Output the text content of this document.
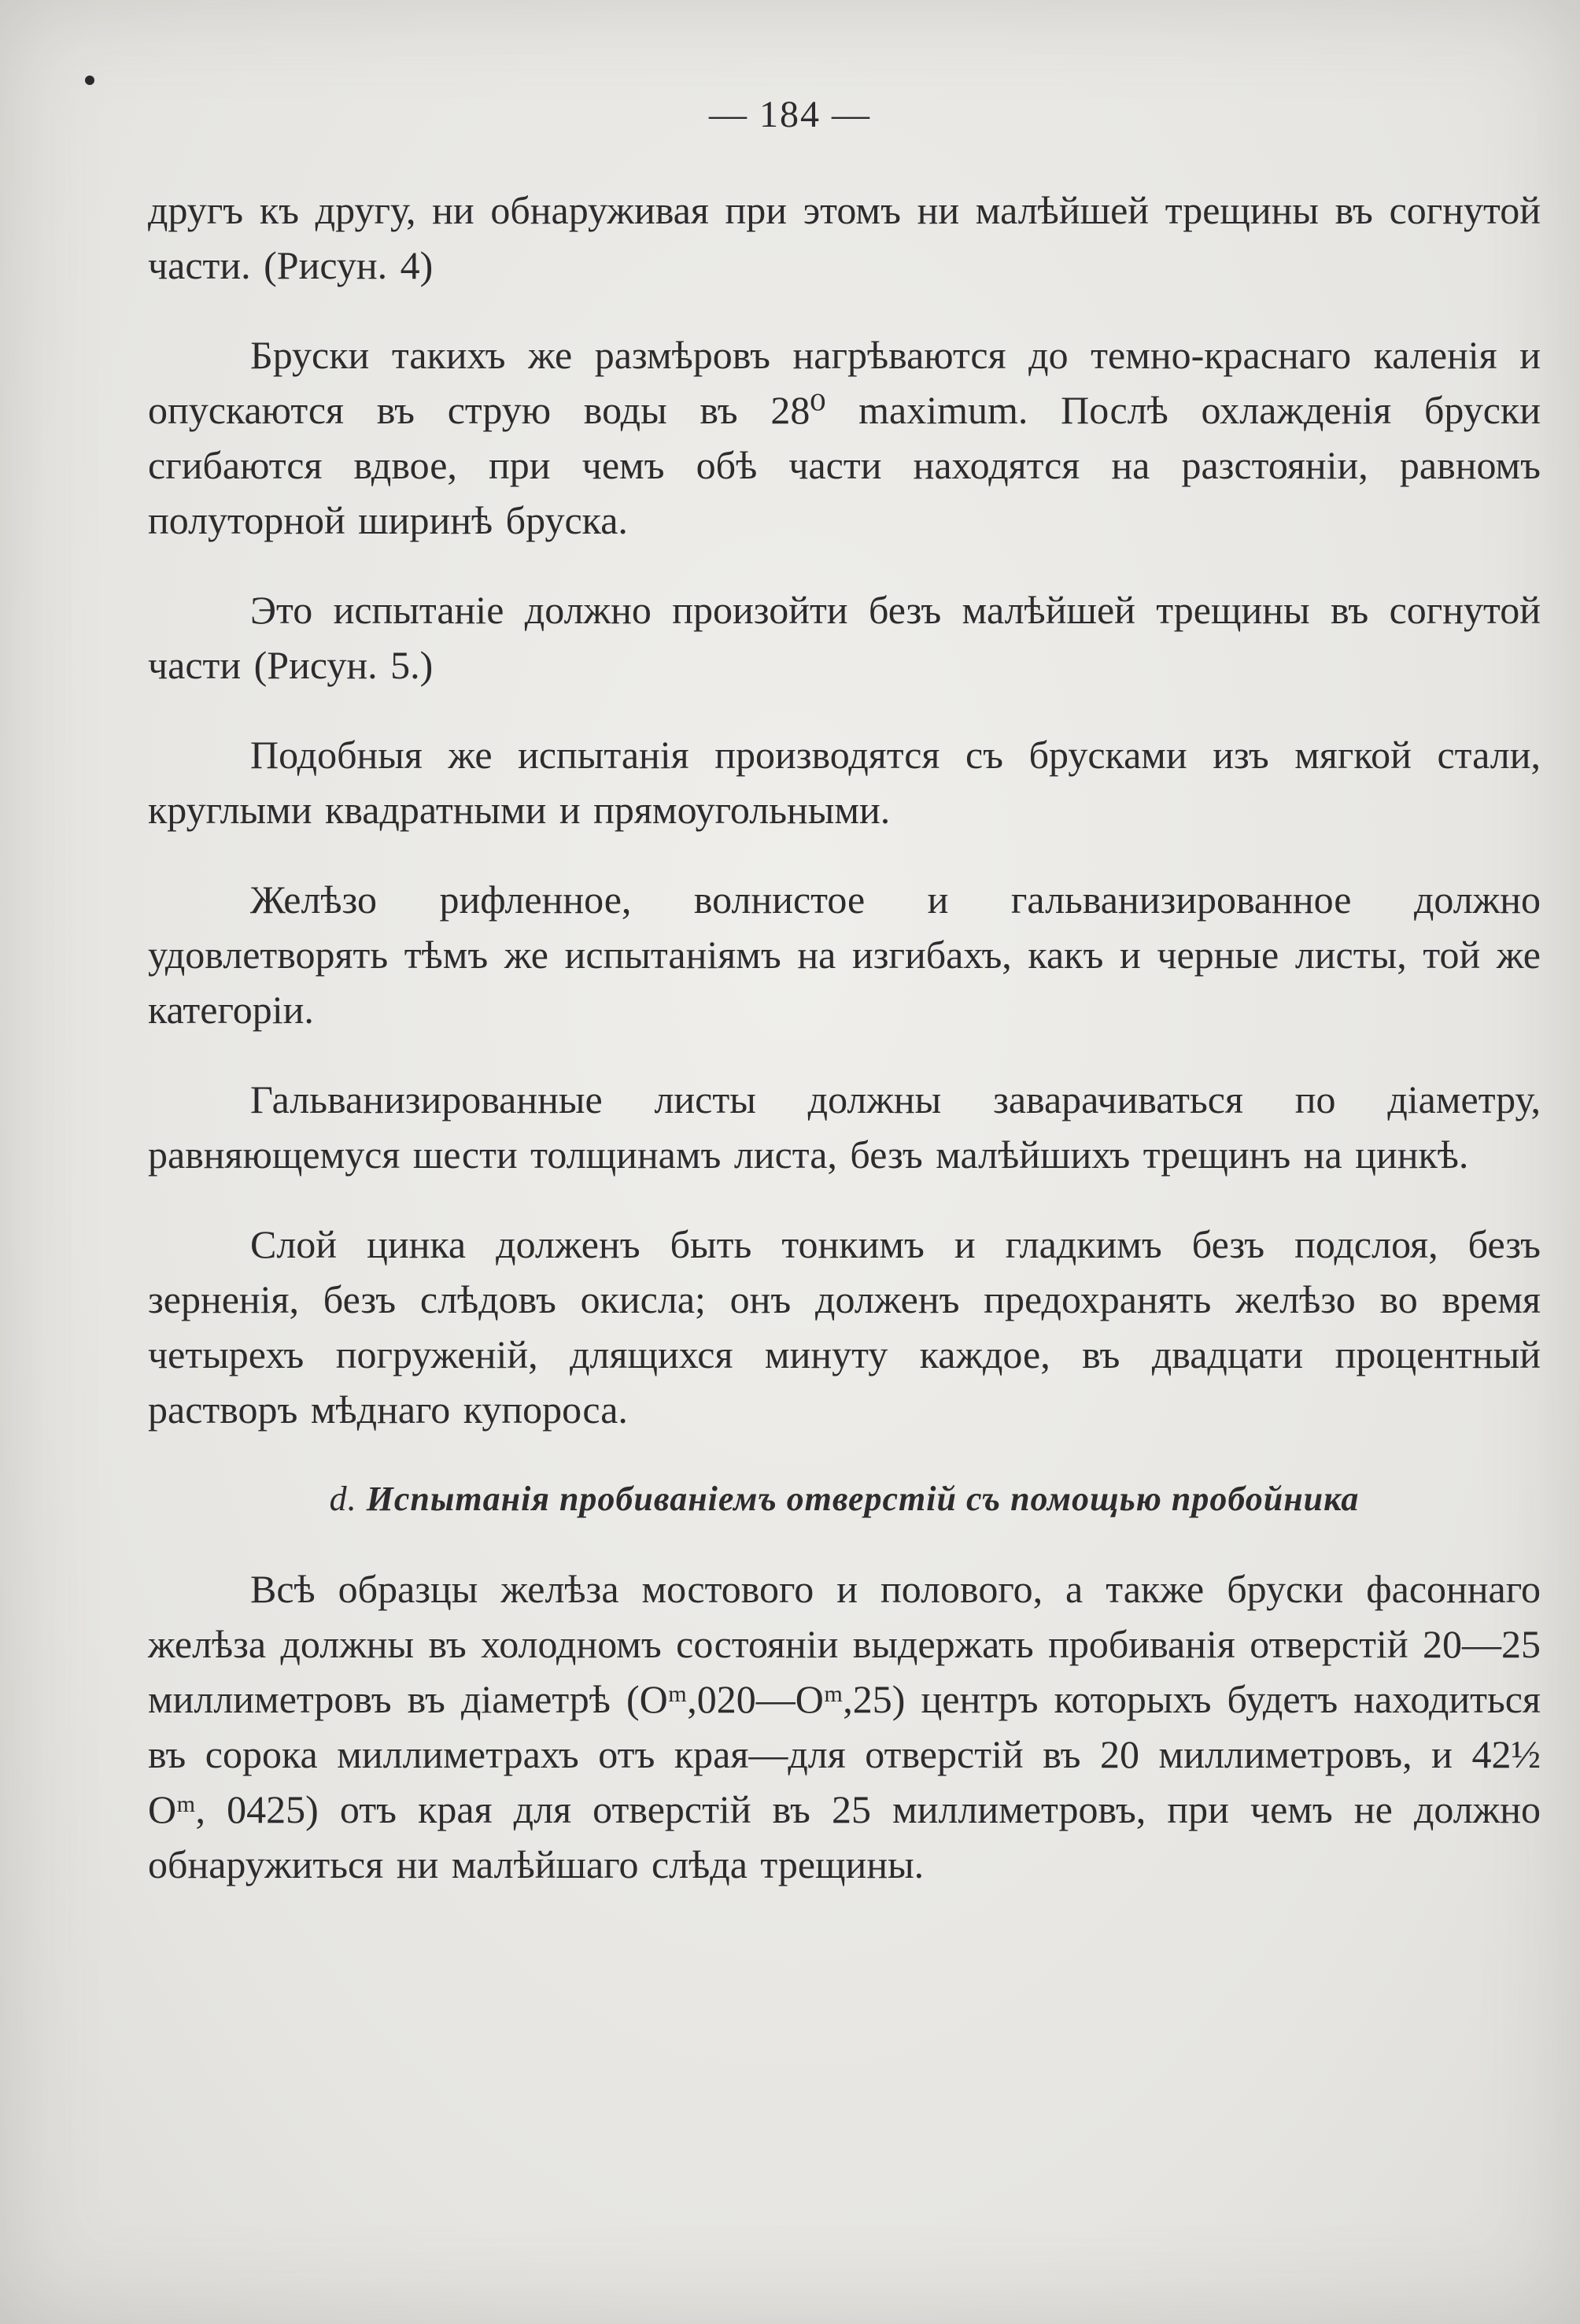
— 184 —

другъ къ другу, ни обнаруживая при этомъ ни малѣйшей трещины въ согнутой части. (Рисун. 4)

Бруски такихъ же размѣровъ нагрѣваются до темно-краснаго каленія и опускаются въ струю воды въ 28⁰ maximum. Послѣ охлажденія бруски сгибаются вдвое, при чемъ обѣ части находятся на разстояніи, равномъ полуторной ширинѣ бруска.

Это испытаніе должно произойти безъ малѣйшей трещины въ согнутой части (Рисун. 5.)

Подобныя же испытанія производятся съ брусками изъ мягкой стали, круглыми квадратными и прямоугольными.

Желѣзо рифленное, волнистое и гальванизированное должно удовлетворять тѣмъ же испытаніямъ на изгибахъ, какъ и черные листы, той же категоріи.

Гальванизированные листы должны заварачиваться по діаметру, равняющемуся шести толщинамъ листа, безъ малѣйшихъ трещинъ на цинкѣ.

Слой цинка долженъ быть тонкимъ и гладкимъ безъ подслоя, безъ зерненія, безъ слѣдовъ окисла; онъ долженъ предохранять желѣзо во время четырехъ погруженій, длящихся минуту каждое, въ двадцати процентный растворъ мѣднаго купороса.

d. Испытанія пробиваніемъ отверстій съ помощью пробойника

Всѣ образцы желѣза мостового и полового, а также бруски фасоннаго желѣза должны въ холодномъ состояніи выдержать пробиванія отверстій 20—25 миллиметровъ въ діаметрѣ (Oᵐ,020—Oᵐ,25) центръ которыхъ будетъ находиться въ сорока миллиметрахъ отъ края—для отверстій въ 20 миллиметровъ, и 42½ Oᵐ, 0425) отъ края для отверстій въ 25 миллиметровъ, при чемъ не должно обнаружиться ни малѣйшаго слѣда трещины.
